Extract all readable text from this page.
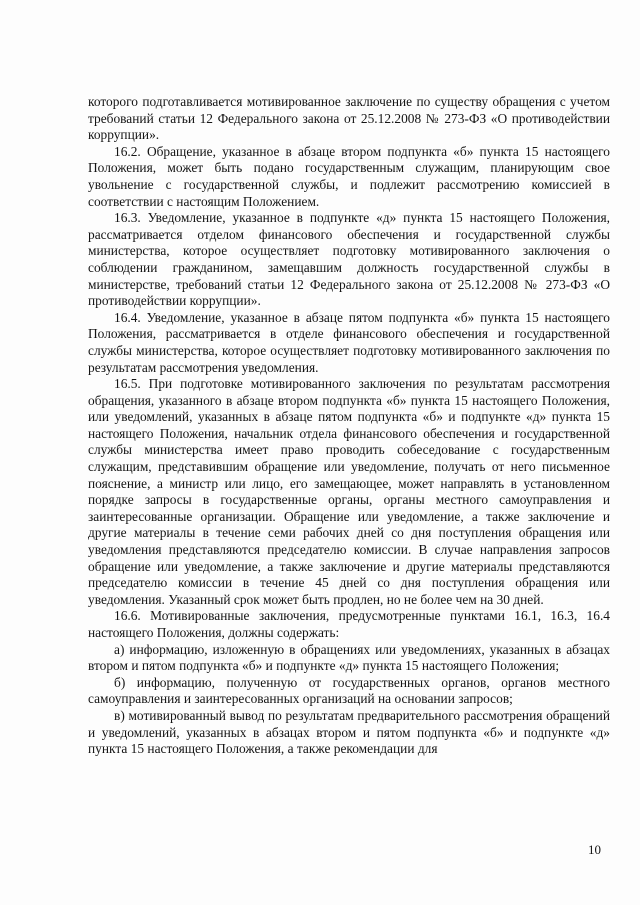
которого подготавливается мотивированное заключение по существу обращения с учетом требований статьи 12 Федерального закона от 25.12.2008 № 273-ФЗ «О противодействии коррупции».

16.2. Обращение, указанное в абзаце втором подпункта «б» пункта 15 настоящего Положения, может быть подано государственным служащим, планирующим свое увольнение с государственной службы, и подлежит рассмотрению комиссией в соответствии с настоящим Положением.

16.3. Уведомление, указанное в подпункте «д» пункта 15 настоящего Положения, рассматривается отделом финансового обеспечения и государственной службы министерства, которое осуществляет подготовку мотивированного заключения о соблюдении гражданином, замещавшим должность государственной службы в министерстве, требований статьи 12 Федерального закона от 25.12.2008 № 273-ФЗ «О противодействии коррупции».

16.4. Уведомление, указанное в абзаце пятом подпункта «б» пункта 15 настоящего Положения, рассматривается в отделе финансового обеспечения и государственной службы министерства, которое осуществляет подготовку мотивированного заключения по результатам рассмотрения уведомления.

16.5. При подготовке мотивированного заключения по результатам рассмотрения обращения, указанного в абзаце втором подпункта «б» пункта 15 настоящего Положения, или уведомлений, указанных в абзаце пятом подпункта «б» и подпункте «д» пункта 15 настоящего Положения, начальник отдела финансового обеспечения и государственной службы министерства имеет право проводить собеседование с государственным служащим, представившим обращение или уведомление, получать от него письменное пояснение, а министр или лицо, его замещающее, может направлять в установленном порядке запросы в государственные органы, органы местного самоуправления и заинтересованные организации. Обращение или уведомление, а также заключение и другие материалы в течение семи рабочих дней со дня поступления обращения или уведомления представляются председателю комиссии. В случае направления запросов обращение или уведомление, а также заключение и другие материалы представляются председателю комиссии в течение 45 дней со дня поступления обращения или уведомления. Указанный срок может быть продлен, но не более чем на 30 дней.

16.6. Мотивированные заключения, предусмотренные пунктами 16.1, 16.3, 16.4 настоящего Положения, должны содержать:

а) информацию, изложенную в обращениях или уведомлениях, указанных в абзацах втором и пятом подпункта «б» и подпункте «д» пункта 15 настоящего Положения;

б) информацию, полученную от государственных органов, органов местного самоуправления и заинтересованных организаций на основании запросов;

в) мотивированный вывод по результатам предварительного рассмотрения обращений и уведомлений, указанных в абзацах втором и пятом подпункта «б» и подпункте «д» пункта 15 настоящего Положения, а также рекомендации для

10
